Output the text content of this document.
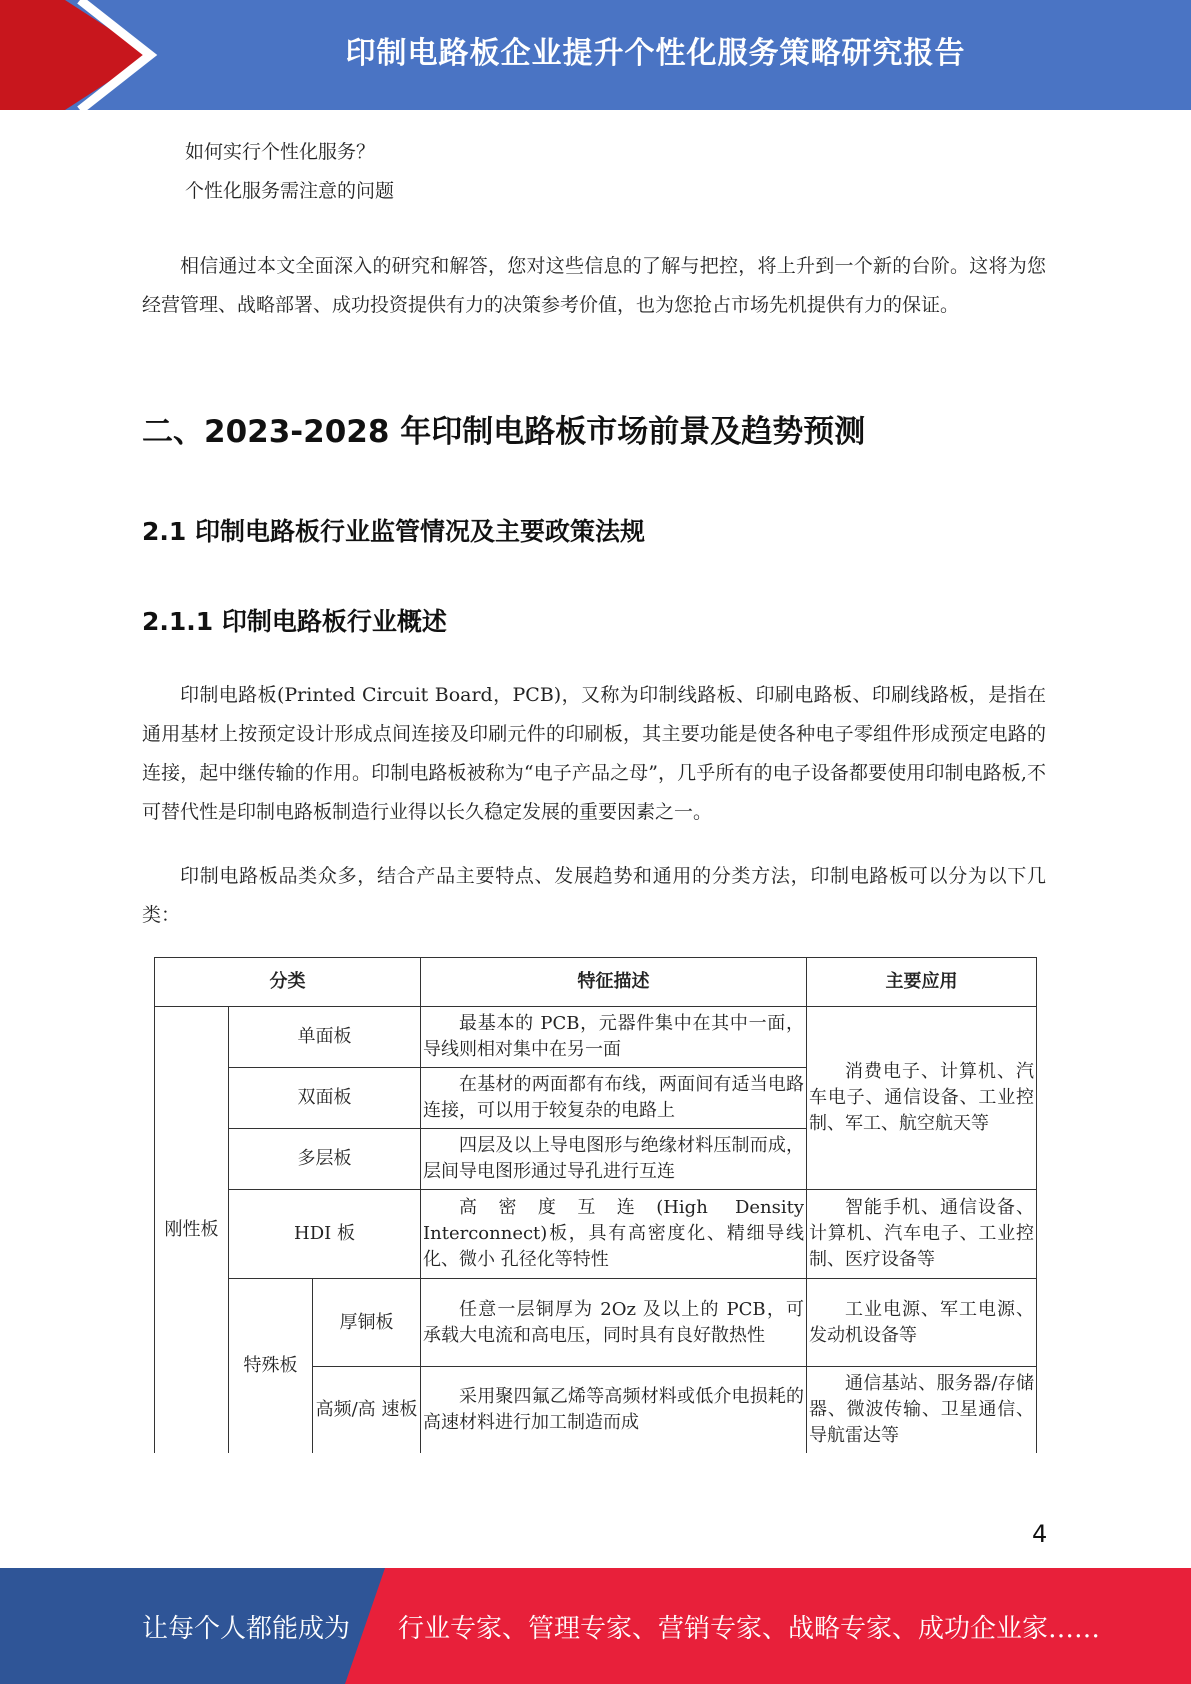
印制电路板企业提升个性化服务策略研究报告
如何实行个性化服务？
个性化服务需注意的问题
相信通过本文全面深入的研究和解答，您对这些信息的了解与把控，将上升到一个新的台阶。这将为您经营管理、战略部署、成功投资提供有力的决策参考价值，也为您抢占市场先机提供有力的保证。
二、2023-2028 年印制电路板市场前景及趋势预测
2.1 印制电路板行业监管情况及主要政策法规
2.1.1 印制电路板行业概述
印制电路板(Printed Circuit Board，PCB)，又称为印制线路板、印刷电路板、印刷线路板，是指在通用基材上按预定设计形成点间连接及印刷元件的印刷板，其主要功能是使各种电子零组件形成预定电路的连接，起中继传输的作用。印制电路板被称为“电子产品之母”，几乎所有的电子设备都要使用印制电路板,不可替代性是印制电路板制造行业得以长久稳定发展的重要因素之一。
印制电路板品类众多，结合产品主要特点、发展趋势和通用的分类方法，印制电路板可以分为以下几类：
分类			特征描述	主要应用
刚性板	单面板		最基本的 PCB，元器件集中在其中一面， 导线则相对集中在另一面	消费电子、计算机、汽 车电子、通信设备、工业控制、军工、航空航天等
	双面板		在基材的两面都有布线，两面间有适当电路连接，可以用于较复杂的电路上	
	多层板		四层及以上导电图形与绝缘材料压制而成，层间导电图形通过导孔进行互连	
	HDI 板		高密度互连(High Density Interconnect)板，具有高密度化、精细导线化、微小 孔径化等特性	智能手机、通信设备、计算机、汽车电子、工业控制、医疗设备等
	特殊板	厚铜板	任意一层铜厚为 2Oz 及以上的 PCB，可 承载大电流和高电压，同时具有良好散热性	工业电源、军工电源、发动机设备等
		高频/高 速板	采用聚四氟乙烯等高频材料或低介电损耗的高速材料进行加工制造而成	通信基站、服务器/存储器、微波传输、卫星通信、导航雷达等
4
让每个人都能成为 行业专家、管理专家、营销专家、战略专家、成功企业家……
